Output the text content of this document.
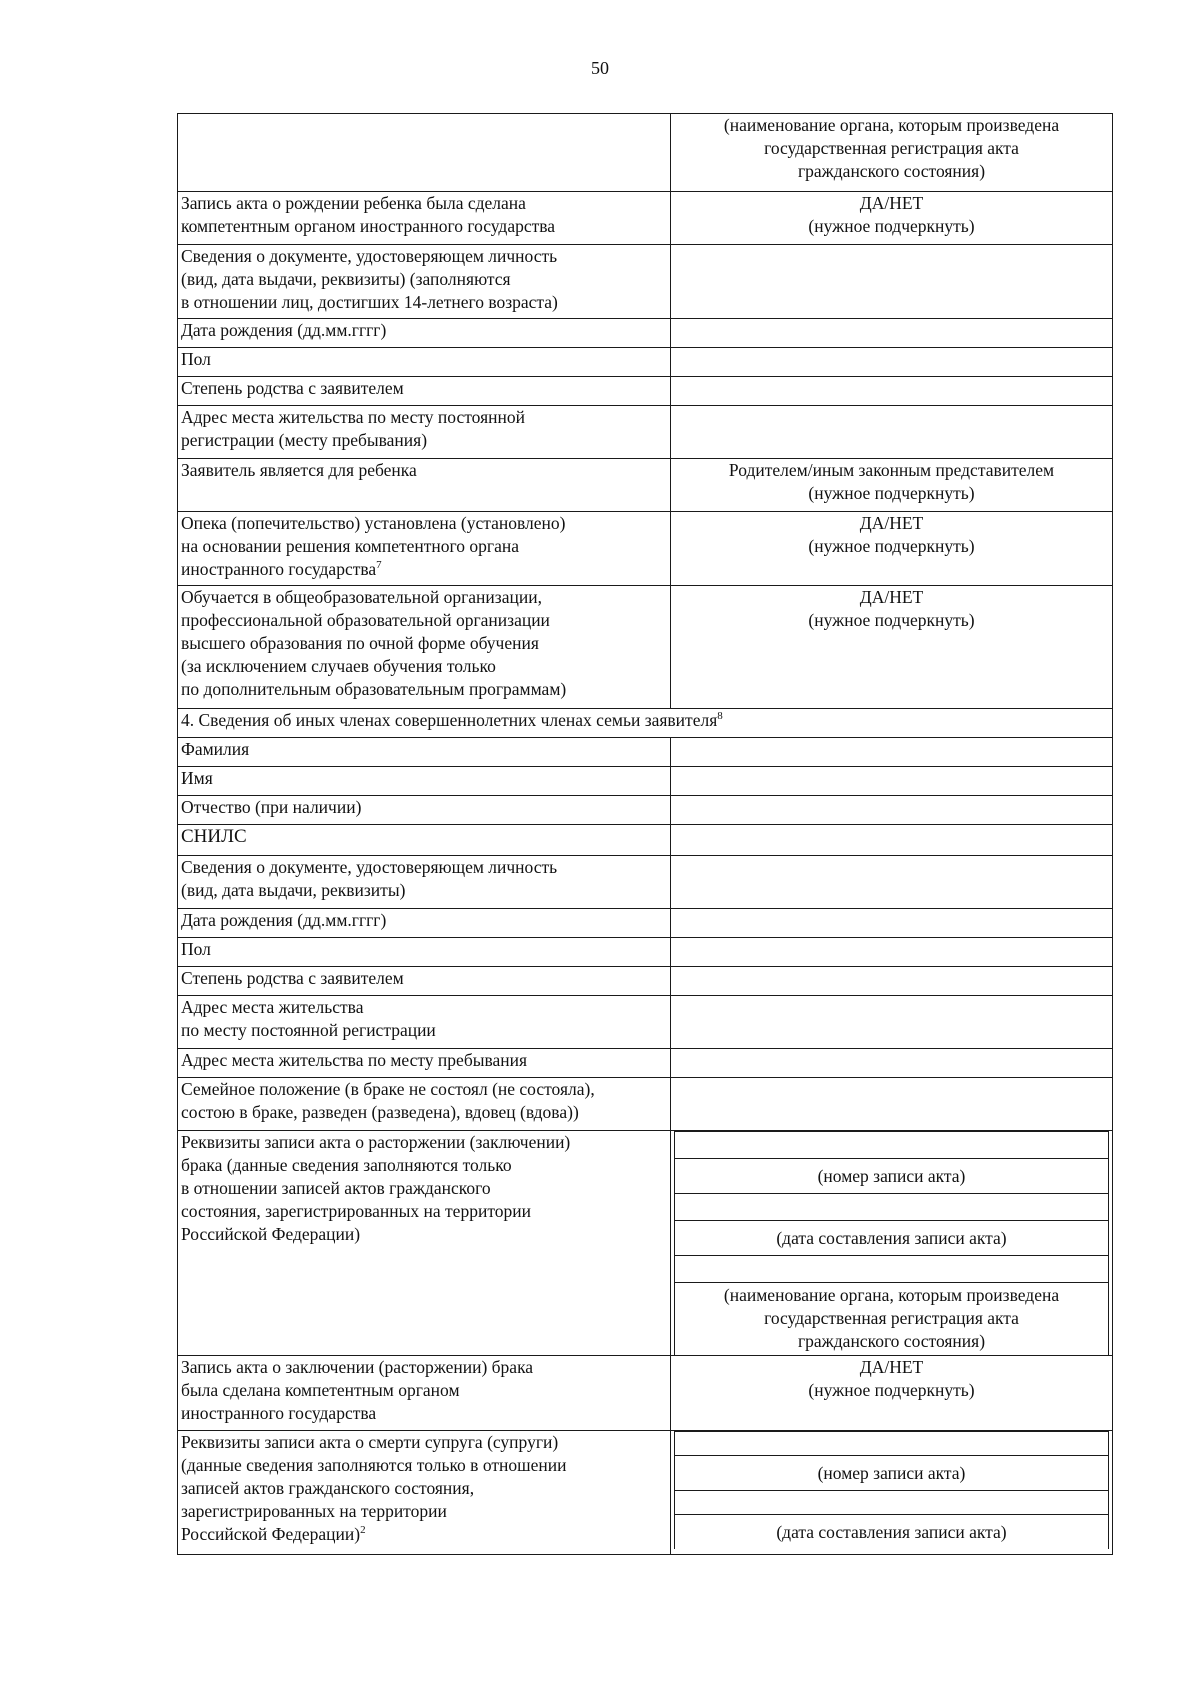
50
	(наименование органа, которым произведена
государственная регистрация акта
гражданского состояния)
Запись акта о рождении ребенка была сделана
компетентным органом иностранного государства	ДА/НЕТ
(нужное подчеркнуть)
Сведения о документе, удостоверяющем личность
(вид, дата выдачи, реквизиты) (заполняются
в отношении лиц, достигших 14-летнего возраста)	
Дата рождения (дд.мм.гггг)	
Пол	
Степень родства с заявителем	
Адрес места жительства по месту постоянной
регистрации (месту пребывания)	
Заявитель является для ребенка	Родителем/иным законным представителем
(нужное подчеркнуть)
Опека (попечительство) установлена (установлено)
на основании решения компетентного органа
иностранного государства$^7$	ДА/НЕТ
(нужное подчеркнуть)
Обучается в общеобразовательной организации,
профессиональной образовательной организации
высшего образования по очной форме обучения
(за исключением случаев обучения только
по дополнительным образовательным программам)	ДА/НЕТ
(нужное подчеркнуть)
4. Сведения об иных членах совершеннолетних членах семьи заявителя$^8$
Фамилия	
Имя	
Отчество (при наличии)	
СНИЛС	
Сведения о документе, удостоверяющем личность
(вид, дата выдачи, реквизиты)	
Дата рождения (дд.мм.гггг)	
Пол	
Степень родства с заявителем	
Адрес места жительства
по месту постоянной регистрации	
Адрес места жительства по месту пребывания	
Семейное положение (в браке не состоял (не состояла),
состою в браке, разведен (разведена), вдовец (вдова))	
Реквизиты записи акта о расторжении (заключении)
брака (данные сведения заполняются только
в отношении записей актов гражданского
состояния, зарегистрированных на территории
Российской Федерации)	

(номер записи акта)

(дата составления записи акта)

(наименование органа, которым произведена
государственная регистрация акта
гражданского состояния)

Запись акта о заключении (расторжении) брака
была сделана компетентным органом
иностранного государства	ДА/НЕТ
(нужное подчеркнуть)
Реквизиты записи акта о смерти супруга (супруги)
(данные сведения заполняются только в отношении
записей актов гражданского состояния,
зарегистрированных на территории
Российской Федерации)$^2$	

(номер записи акта)

(дата составления записи акта)
